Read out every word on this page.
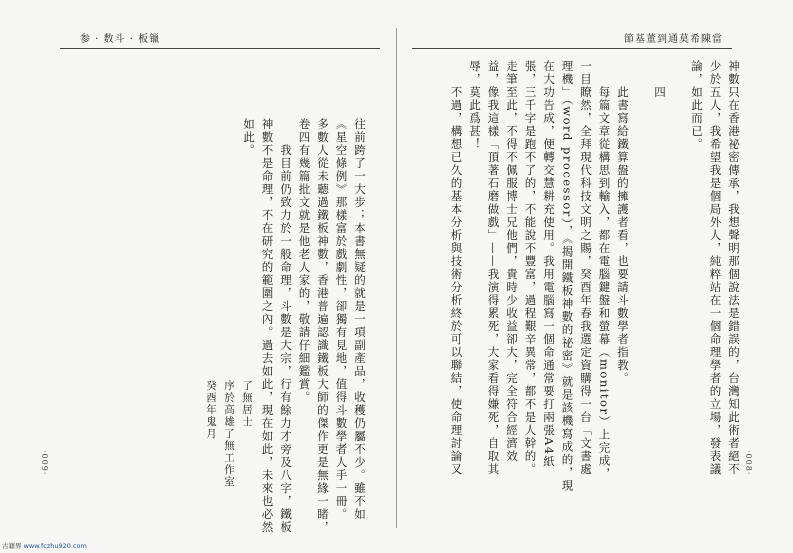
参 · 数斗 · 板镴	節基董到通莫希陳當
神數只在香港祕密傳承，我想聲明那個說法是錯誤的，台灣知此術者絕不
少於五人，我希望我是個局外人，純粹站在一個命理學者的立場，發表議
論，如此而已。

　　四

　　此書寫給鐵算盤的擁護者看，也要請斗數學者指教。
　　每篇文章從構思到輸入，都在電腦鍵盤和螢幕（monitor）上完成，
一目瞭然，全拜現代科技文明之賜，癸酉年春我選定資購得一台「文書處
理機」（word processor），《揭開鐵板神數的祕密》就是該機寫成的，現
在大功告成，便轉交慧耕充使用。我用電腦寫一個命通常要打兩張A4紙
張，三千字是跑不了的，不能說不豐富，過程艱辛異常，都不是人幹的。
走筆至此，不得不佩服博士兄他們，貴時少收益卻大，完全符合經濟效
益，像我這樣「頂著石磨做戲」——我演得累死，大家看得嫌死，自取其
辱，莫此爲甚！
　　不過，構想已久的基本分析與技術分析終於可以聯結，使命理討論又
往前跨了一大步；本書無疑的就是一項副產品，收穫仍屬不少。雖不如
《星空條例》那樣富於戲劇性，卻獨有見地，值得斗數學者人手一冊。
多數人從未聽過鐵板神數，香港普遍認識鐵板大師的傑作更是無緣一睹，
卷四有幾篇批文就是他老人家的，敬請仔細鑑賞。
　　我目前仍致力於一般命理，斗數是大宗，行有餘力才旁及八字，鐵板
神數不是命理，不在研究的範圍之內。過去如此，現在如此，未來也必然
如此。
了無居士
序於高雄了無工作室
癸酉年鬼月
·009·	·008·
古籍界 www.fczhu920.com
